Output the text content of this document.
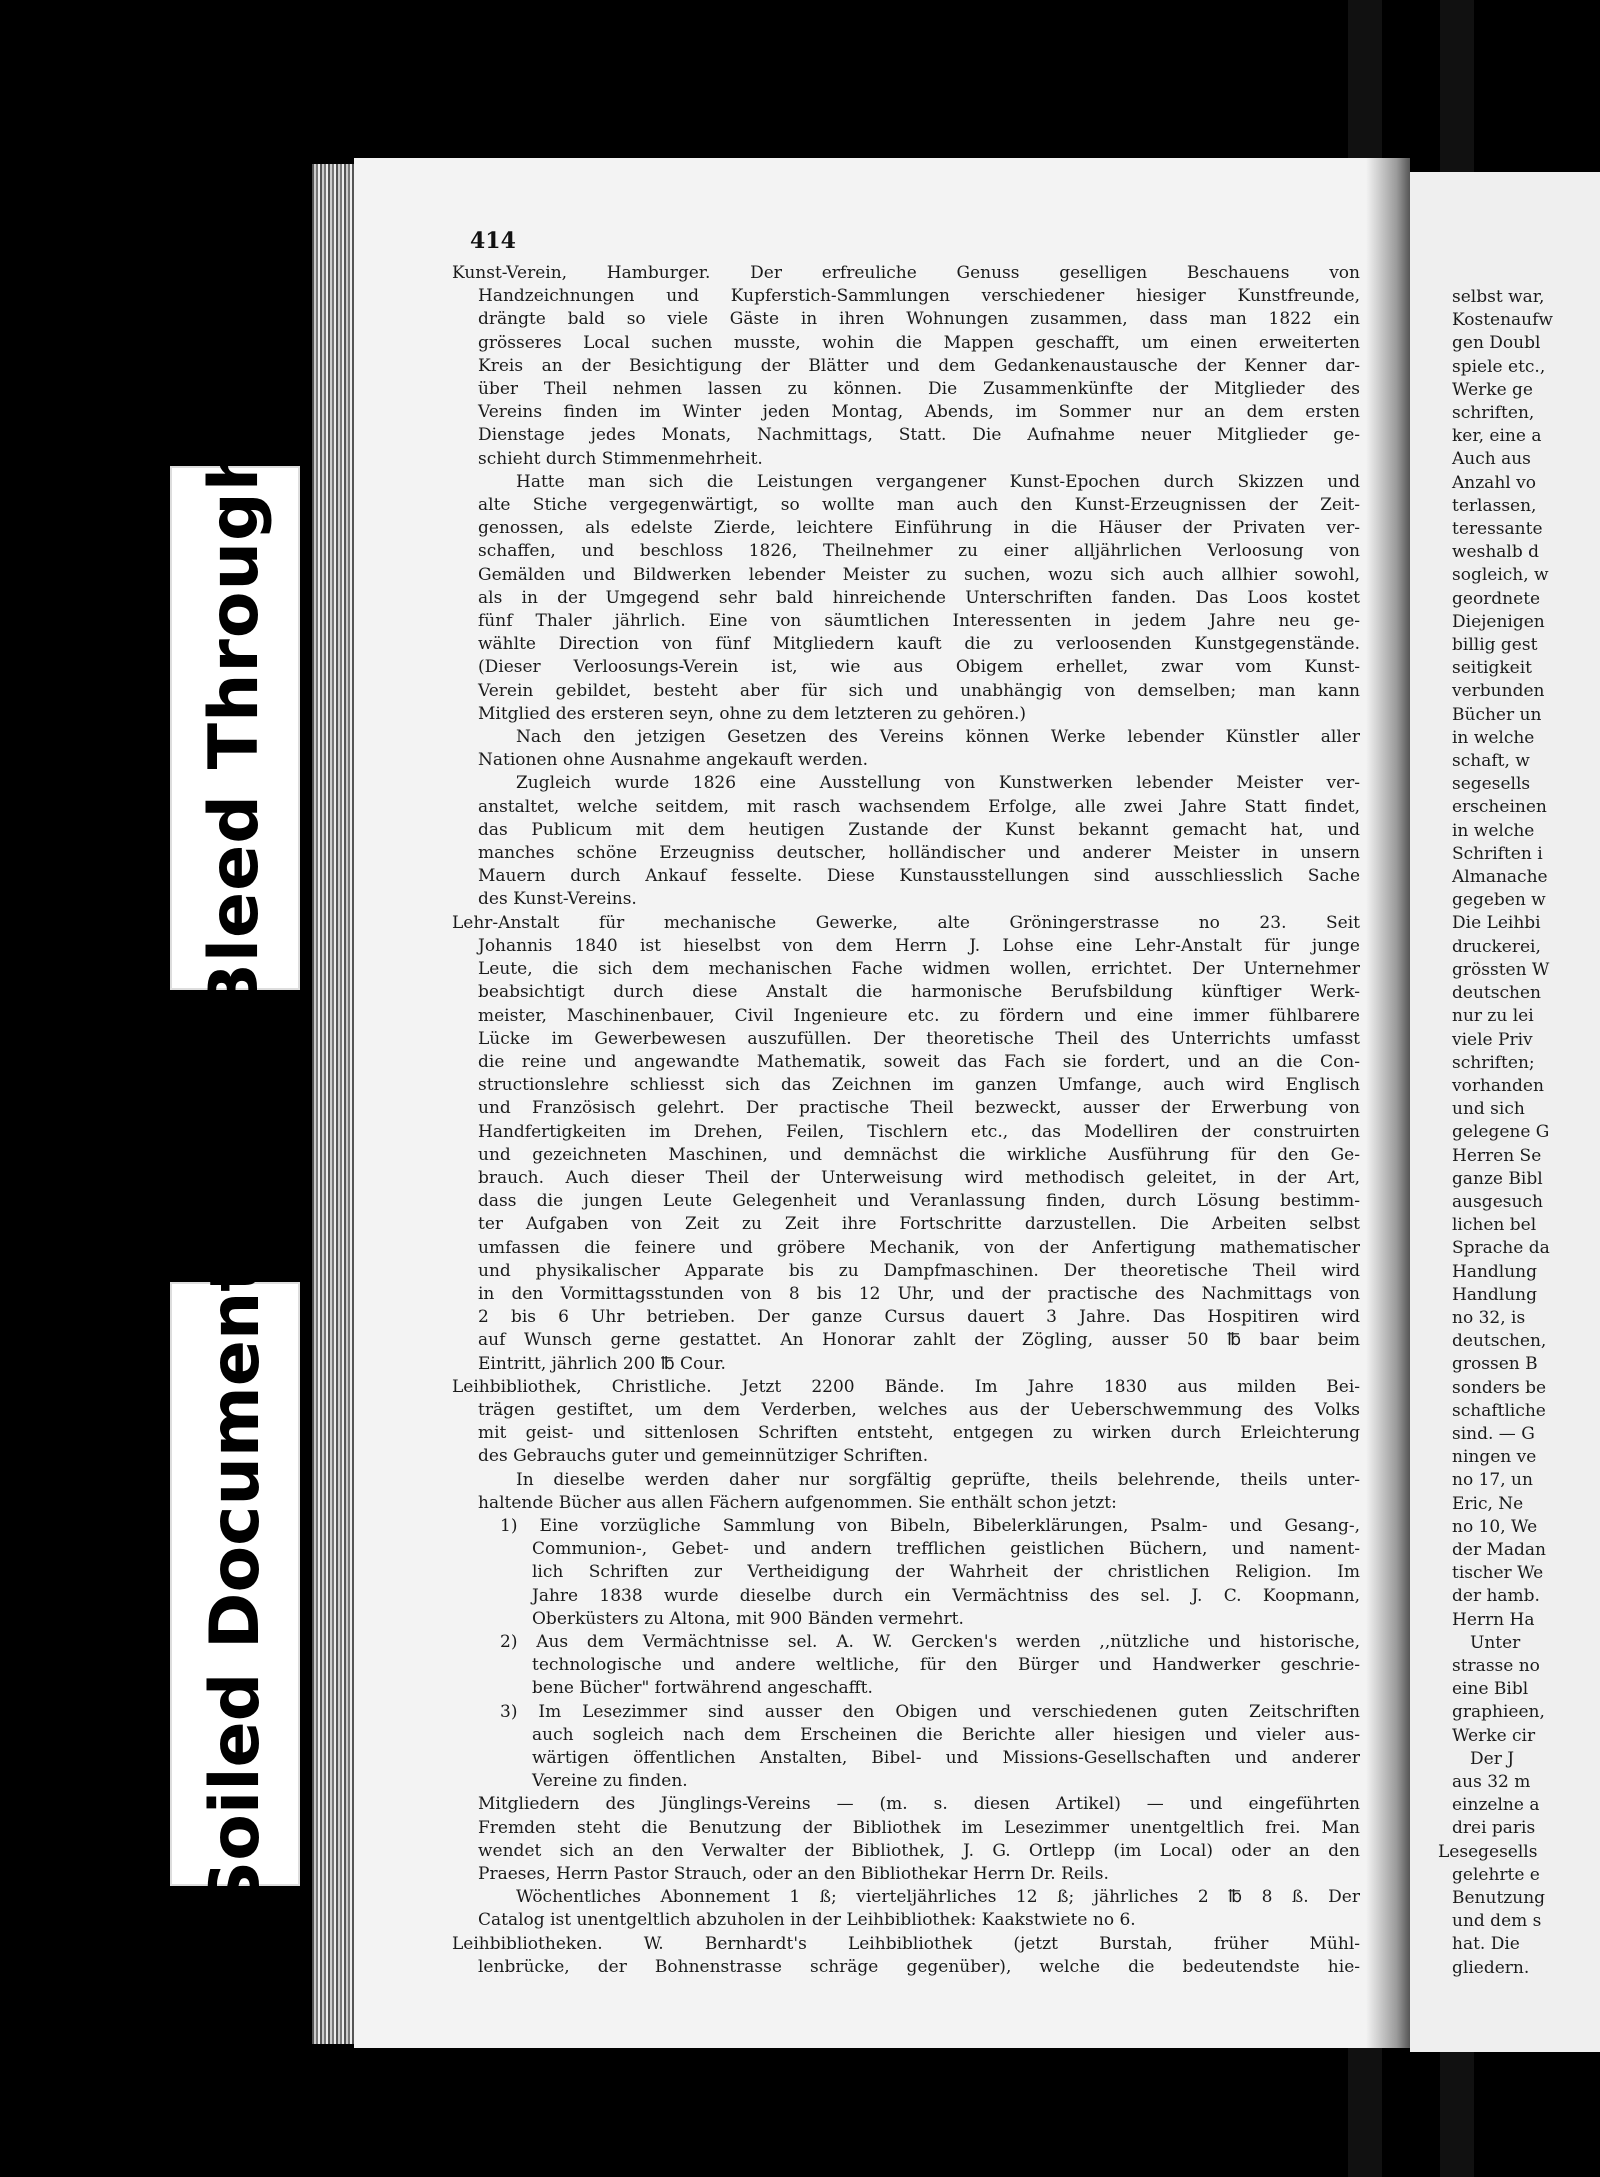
Bleed Through
Soiled Document
414
Kunst-Verein, Hamburger. Der erfreuliche Genuss geselligen Beschauens von
Handzeichnungen und Kupferstich-Sammlungen verschiedener hiesiger Kunstfreunde,
drängte bald so viele Gäste in ihren Wohnungen zusammen, dass man 1822 ein
grösseres Local suchen musste, wohin die Mappen geschafft, um einen erweiterten
Kreis an der Besichtigung der Blätter und dem Gedankenaustausche der Kenner dar-
über Theil nehmen lassen zu können. Die Zusammenkünfte der Mitglieder des
Vereins finden im Winter jeden Montag, Abends, im Sommer nur an dem ersten
Dienstage jedes Monats, Nachmittags, Statt. Die Aufnahme neuer Mitglieder ge-
schieht durch Stimmenmehrheit.
Hatte man sich die Leistungen vergangener Kunst-Epochen durch Skizzen und
alte Stiche vergegenwärtigt, so wollte man auch den Kunst-Erzeugnissen der Zeit-
genossen, als edelste Zierde, leichtere Einführung in die Häuser der Privaten ver-
schaffen, und beschloss 1826, Theilnehmer zu einer alljährlichen Verloosung von
Gemälden und Bildwerken lebender Meister zu suchen, wozu sich auch allhier sowohl,
als in der Umgegend sehr bald hinreichende Unterschriften fanden. Das Loos kostet
fünf Thaler jährlich. Eine von säumtlichen Interessenten in jedem Jahre neu ge-
wählte Direction von fünf Mitgliedern kauft die zu verloosenden Kunstgegenstände.
(Dieser Verloosungs-Verein ist, wie aus Obigem erhellet, zwar vom Kunst-
Verein gebildet, besteht aber für sich und unabhängig von demselben; man kann
Mitglied des ersteren seyn, ohne zu dem letzteren zu gehören.)
Nach den jetzigen Gesetzen des Vereins können Werke lebender Künstler aller
Nationen ohne Ausnahme angekauft werden.
Zugleich wurde 1826 eine Ausstellung von Kunstwerken lebender Meister ver-
anstaltet, welche seitdem, mit rasch wachsendem Erfolge, alle zwei Jahre Statt findet,
das Publicum mit dem heutigen Zustande der Kunst bekannt gemacht hat, und
manches schöne Erzeugniss deutscher, holländischer und anderer Meister in unsern
Mauern durch Ankauf fesselte. Diese Kunstausstellungen sind ausschliesslich Sache
des Kunst-Vereins.
Lehr-Anstalt für mechanische Gewerke, alte Gröningerstrasse no 23. Seit
Johannis 1840 ist hieselbst von dem Herrn J. Lohse eine Lehr-Anstalt für junge
Leute, die sich dem mechanischen Fache widmen wollen, errichtet. Der Unternehmer
beabsichtigt durch diese Anstalt die harmonische Berufsbildung künftiger Werk-
meister, Maschinenbauer, Civil Ingenieure etc. zu fördern und eine immer fühlbarere
Lücke im Gewerbewesen auszufüllen. Der theoretische Theil des Unterrichts umfasst
die reine und angewandte Mathematik, soweit das Fach sie fordert, und an die Con-
structionslehre schliesst sich das Zeichnen im ganzen Umfange, auch wird Englisch
und Französisch gelehrt. Der practische Theil bezweckt, ausser der Erwerbung von
Handfertigkeiten im Drehen, Feilen, Tischlern etc., das Modelliren der construirten
und gezeichneten Maschinen, und demnächst die wirkliche Ausführung für den Ge-
brauch. Auch dieser Theil der Unterweisung wird methodisch geleitet, in der Art,
dass die jungen Leute Gelegenheit und Veranlassung finden, durch Lösung bestimm-
ter Aufgaben von Zeit zu Zeit ihre Fortschritte darzustellen. Die Arbeiten selbst
umfassen die feinere und gröbere Mechanik, von der Anfertigung mathematischer
und physikalischer Apparate bis zu Dampfmaschinen. Der theoretische Theil wird
in den Vormittagsstunden von 8 bis 12 Uhr, und der practische des Nachmittags von
2 bis 6 Uhr betrieben. Der ganze Cursus dauert 3 Jahre. Das Hospitiren wird
auf Wunsch gerne gestattet. An Honorar zahlt der Zögling, ausser 50 ℔ baar beim
Eintritt, jährlich 200 ℔ Cour.
Leihbibliothek, Christliche. Jetzt 2200 Bände. Im Jahre 1830 aus milden Bei-
trägen gestiftet, um dem Verderben, welches aus der Ueberschwemmung des Volks
mit geist- und sittenlosen Schriften entsteht, entgegen zu wirken durch Erleichterung
des Gebrauchs guter und gemeinnütziger Schriften.
In dieselbe werden daher nur sorgfältig geprüfte, theils belehrende, theils unter-
haltende Bücher aus allen Fächern aufgenommen. Sie enthält schon jetzt:
1) Eine vorzügliche Sammlung von Bibeln, Bibelerklärungen, Psalm- und Gesang-,
Communion-, Gebet- und andern trefflichen geistlichen Büchern, und nament-
lich Schriften zur Vertheidigung der Wahrheit der christlichen Religion. Im
Jahre 1838 wurde dieselbe durch ein Vermächtniss des sel. J. C. Koopmann,
Oberküsters zu Altona, mit 900 Bänden vermehrt.
2) Aus dem Vermächtnisse sel. A. W. Gercken's werden ,,nützliche und historische,
technologische und andere weltliche, für den Bürger und Handwerker geschrie-
bene Bücher" fortwährend angeschafft.
3) Im Lesezimmer sind ausser den Obigen und verschiedenen guten Zeitschriften
auch sogleich nach dem Erscheinen die Berichte aller hiesigen und vieler aus-
wärtigen öffentlichen Anstalten, Bibel- und Missions-Gesellschaften und anderer
Vereine zu finden.
Mitgliedern des Jünglings-Vereins — (m. s. diesen Artikel) — und eingeführten
Fremden steht die Benutzung der Bibliothek im Lesezimmer unentgeltlich frei. Man
wendet sich an den Verwalter der Bibliothek, J. G. Ortlepp (im Local) oder an den
Praeses, Herrn Pastor Strauch, oder an den Bibliothekar Herrn Dr. Reils.
Wöchentliches Abonnement 1 ß; vierteljährliches 12 ß; jährliches 2 ℔ 8 ß. Der
Catalog ist unentgeltlich abzuholen in der Leihbibliothek: Kaakstwiete no 6.
Leihbibliotheken. W. Bernhardt's Leihbibliothek (jetzt Burstah, früher Mühl-
lenbrücke, der Bohnenstrasse schräge gegenüber), welche die bedeutendste hie-
selbst war,
Kostenaufw
gen Doubl
spiele etc.,
Werke ge
schriften,
ker, eine a
Auch aus
Anzahl vo
terlassen,
teressante
weshalb d
sogleich, w
geordnete
Diejenigen
billig gest
seitigkeit
verbunden
Bücher un
in welche
schaft, w
segesells
erscheinen
in welche
Schriften i
Almanache
gegeben w
Die Leihbi
druckerei,
grössten W
deutschen
nur zu lei
viele Priv
schriften;
vorhanden
und sich
gelegene G
Herren Se
ganze Bibl
ausgesuch
lichen bel
Sprache da
Handlung
Handlung
no 32, is
deutschen,
grossen B
sonders be
schaftliche
sind. — G
ningen ve
no 17, un
Eric, Ne
no 10, We
der Madan
tischer We
der hamb.
Herrn Ha
Unter
strasse no
eine Bibl
graphieen,
Werke cir
Der J
aus 32 m
einzelne a
drei paris
Lesegesells
gelehrte e
Benutzung
und dem s
hat. Die
gliedern.
